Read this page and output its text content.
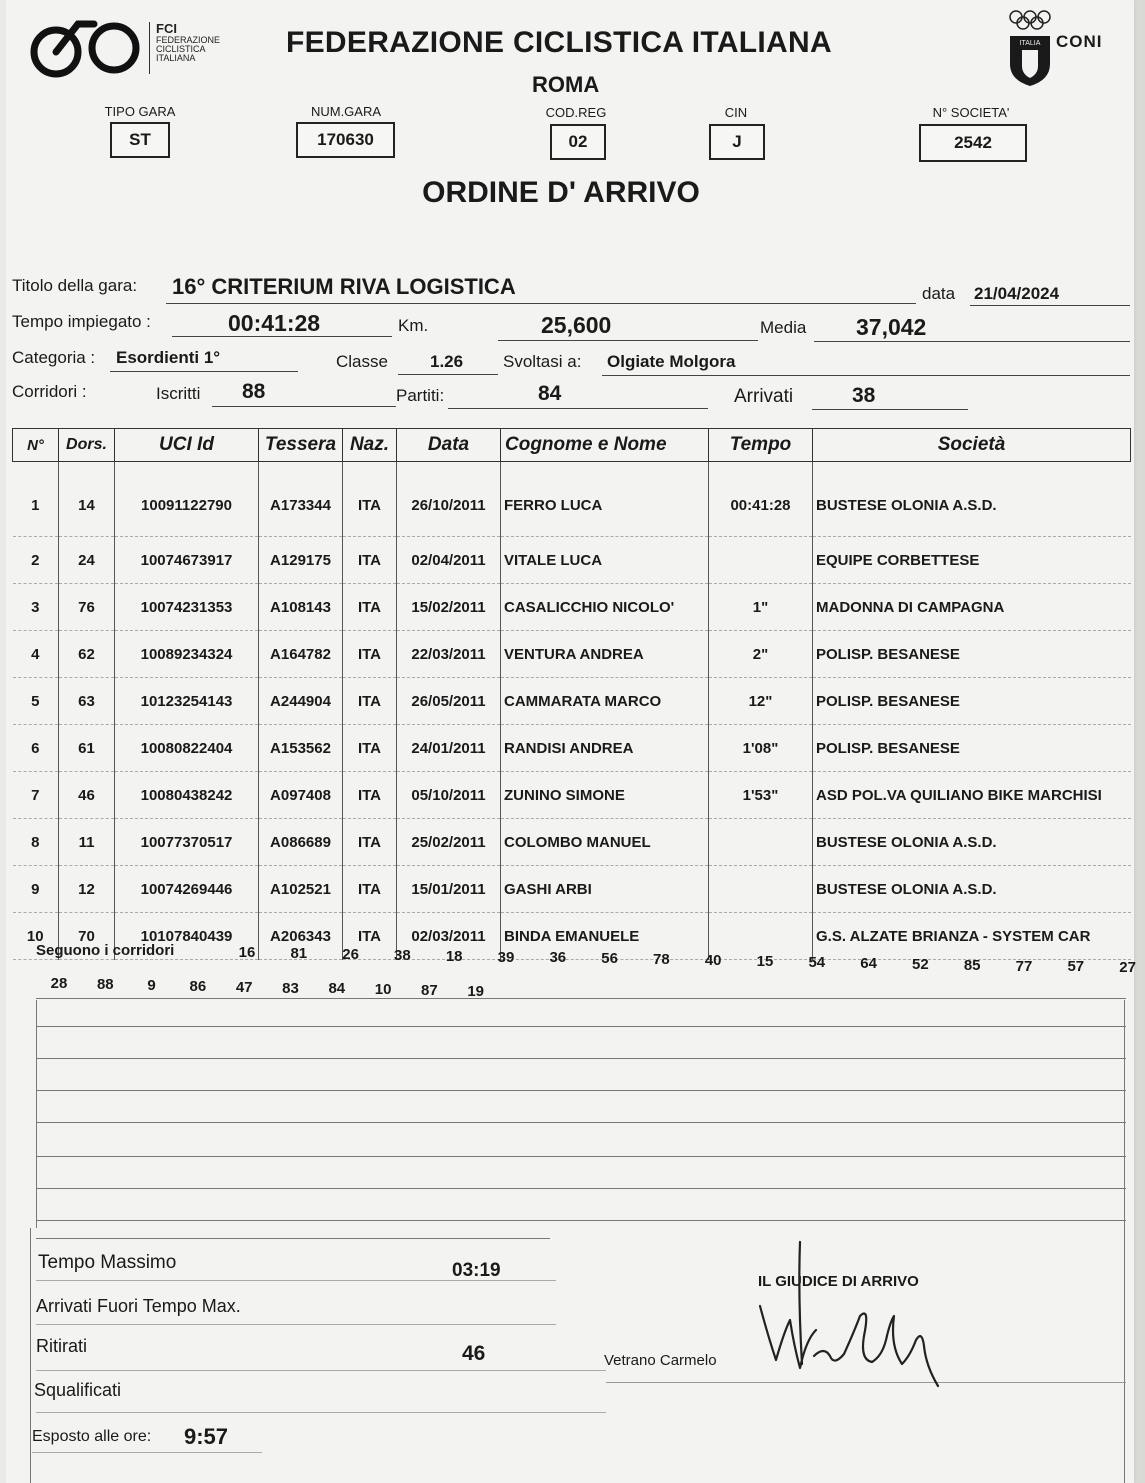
FCI
FEDERAZIONE
CICLISTICA
ITALIANA	FEDERAZIONE CICLISTICA ITALIANA
ROMA
ITALIA CONI
TIPO GARA
ST
NUM.GARA
170630
COD.REG
02
CIN
J
N° SOCIETA'
2542
ORDINE D' ARRIVO
Titolo della gara: 16° CRITERIUM RIVA LOGISTICA	data 21/04/2024
Tempo impiegato :	00:41:28	Km.	25,600	Media 37,042
Categoria : Esordienti 1°	Classe 1.26 Svoltasi a: Olgiate Molgora
Corridori :	Iscritti 88	Partiti:	84	Arrivati	38
N°	Dors.	UCI Id	Tessera	Naz.	Data	Cognome e Nome	Tempo	Società
1	14	10091122790	A173344	ITA	26/10/2011	FERRO LUCA	00:41:28	BUSTESE OLONIA A.S.D.
2	24	10074673917	A129175	ITA	02/04/2011	VITALE LUCA		EQUIPE CORBETTESE
3	76	10074231353	A108143	ITA	15/02/2011	CASALICCHIO NICOLO'	1"	MADONNA DI CAMPAGNA
4	62	10089234324	A164782	ITA	22/03/2011	VENTURA ANDREA	2"	POLISP. BESANESE
5	63	10123254143	A244904	ITA	26/05/2011	CAMMARATA MARCO	12"	POLISP. BESANESE
6	61	10080822404	A153562	ITA	24/01/2011	RANDISI ANDREA	1'08"	POLISP. BESANESE
7	46	10080438242	A097408	ITA	05/10/2011	ZUNINO SIMONE	1'53"	ASD POL.VA QUILIANO BIKE MARCHISI
8	11	10077370517	A086689	ITA	25/02/2011	COLOMBO MANUEL		BUSTESE OLONIA A.S.D.
9	12	10074269446	A102521	ITA	15/01/2011	GASHI ARBI		BUSTESE OLONIA A.S.D.
10	70	10107840439	A206343	ITA	02/03/2011	BINDA EMANUELE		G.S. ALZATE BRIANZA - SYSTEM CAR
Seguono i corridori	16	81	26	38	18	39	36	56	78	40	15	54	64	52	85	77	57	27
28	88	9	86	47	83	84	10	87	19
Tempo Massimo	03:19
Arrivati Fuori Tempo Max.
Ritirati	46
Squalificati
Esposto alle ore: 9:57
IL GIUDICE DI ARRIVO
Vetrano Carmelo
